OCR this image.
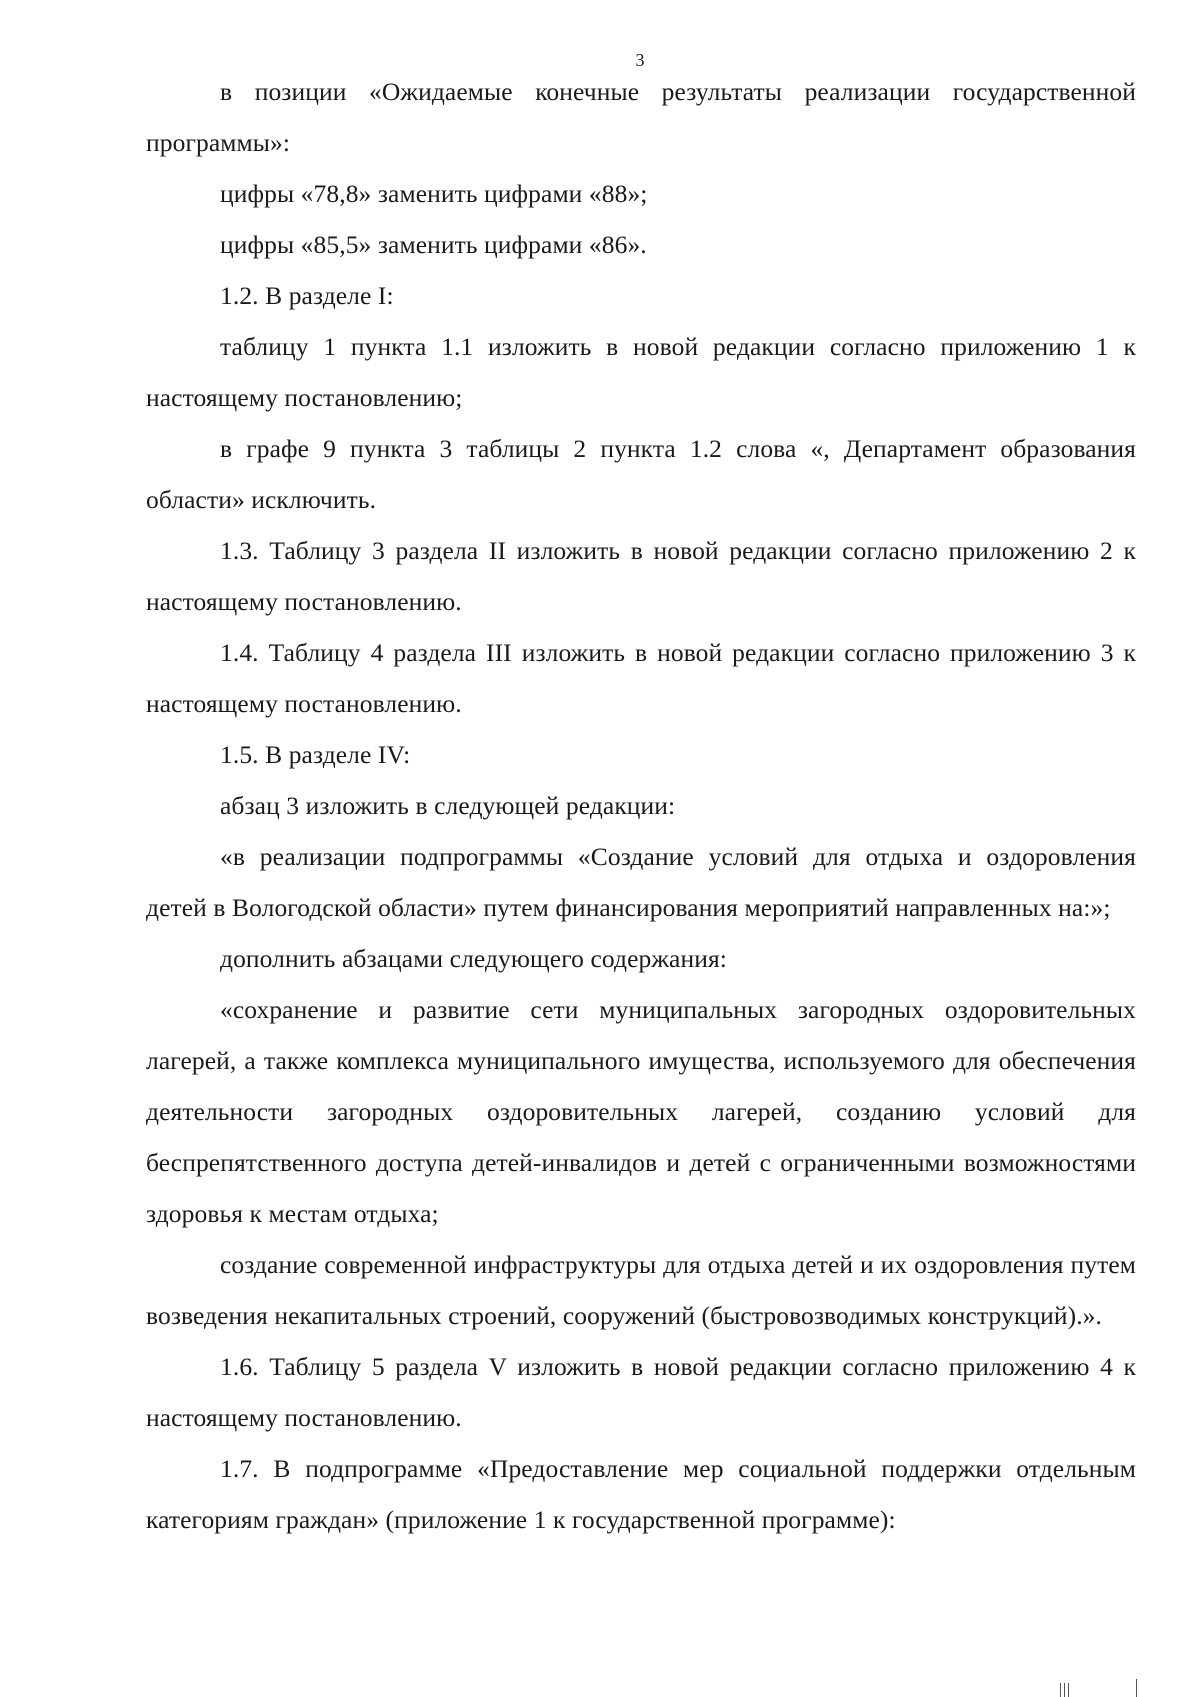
3

в позиции «Ожидаемые конечные результаты реализации государственной программы»:

цифры «78,8» заменить цифрами «88»;

цифры «85,5» заменить цифрами «86».

1.2. В разделе I:

таблицу 1 пункта 1.1 изложить в новой редакции согласно приложению 1 к настоящему постановлению;

в графе 9 пункта 3 таблицы 2 пункта 1.2 слова «, Департамент образования области» исключить.

1.3. Таблицу 3 раздела II изложить в новой редакции согласно приложению 2 к настоящему постановлению.

1.4. Таблицу 4 раздела III изложить в новой редакции согласно приложению 3 к настоящему постановлению.

1.5. В разделе IV:

абзац 3 изложить в следующей редакции:

«в реализации подпрограммы «Создание условий для отдыха и оздоровления детей в Вологодской области» путем финансирования мероприятий направленных на:»;

дополнить абзацами следующего содержания:

«сохранение и развитие сети муниципальных загородных оздоровительных лагерей, а также комплекса муниципального имущества, используемого для обеспечения деятельности загородных оздоровительных лагерей, созданию условий для беспрепятственного доступа детей-инвалидов и детей с ограниченными возможностями здоровья к местам отдыха;

создание современной инфраструктуры для отдыха детей и их оздоровления путем возведения некапитальных строений, сооружений (быстровозводимых конструкций).».

1.6. Таблицу 5 раздела V изложить в новой редакции согласно приложению 4 к настоящему постановлению.

1.7. В подпрограмме «Предоставление мер социальной поддержки отдельным категориям граждан» (приложение 1 к государственной программе):
